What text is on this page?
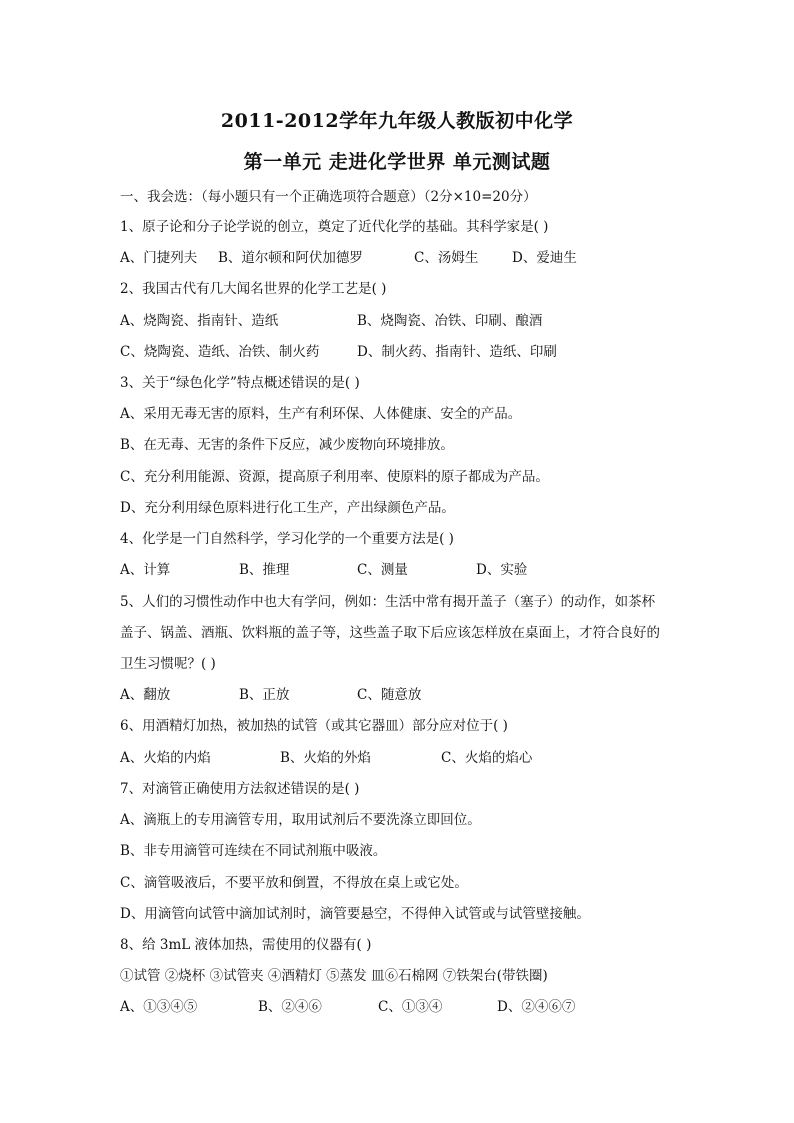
2011-2012学年九年级人教版初中化学
第一单元 走进化学世界 单元测试题
一、我会选：（每小题只有一个正确选项符合题意）（2分×10=20分）
1、原子论和分子论学说的创立，奠定了近代化学的基础。其科学家是( )
A、门捷列夫 B、道尔顿和阿伏加德罗	C、汤姆生 D、爱迪生
2、我国古代有几大闻名世界的化学工艺是( )
A、烧陶瓷、指南针、造纸	B、烧陶瓷、冶铁、印刷、酿酒
C、烧陶瓷、造纸、冶铁、制火药	D、制火药、指南针、造纸、印刷
3、关于“绿色化学”特点概述错误的是( )
A、采用无毒无害的原料，生产有利环保、人体健康、安全的产品。
B、在无毒、无害的条件下反应，减少废物向环境排放。
C、充分利用能源、资源，提高原子利用率、使原料的原子都成为产品。
D、充分利用绿色原料进行化工生产，产出绿颜色产品。
4、化学是一门自然科学，学习化学的一个重要方法是( )
A、计算	B、推理	C、测量	D、实验
5、人们的习惯性动作中也大有学问，例如：生活中常有揭开盖子（塞子）的动作，如茶杯
盖子、锅盖、酒瓶、饮料瓶的盖子等，这些盖子取下后应该怎样放在桌面上，才符合良好的
卫生习惯呢？( )
A、翻放	B、正放	C、随意放
6、用酒精灯加热，被加热的试管（或其它器皿）部分应对位于( )
A、火焰的内焰	B、火焰的外焰	C、火焰的焰心
7、对滴管正确使用方法叙述错误的是( )
A、滴瓶上的专用滴管专用，取用试剂后不要洗涤立即回位。
B、非专用滴管可连续在不同试剂瓶中吸液。
C、滴管吸液后，不要平放和倒置，不得放在桌上或它处。
D、用滴管向试管中滴加试剂时，滴管要悬空，不得伸入试管或与试管壁接触。
8、给 3mL 液体加热，需使用的仪器有( )
①试管 ②烧杯 ③试管夹 ④酒精灯 ⑤蒸发 皿⑥石棉网 ⑦铁架台(带铁圈)
A、①③④⑤	B、②④⑥	C、①③④	D、②④⑥⑦
